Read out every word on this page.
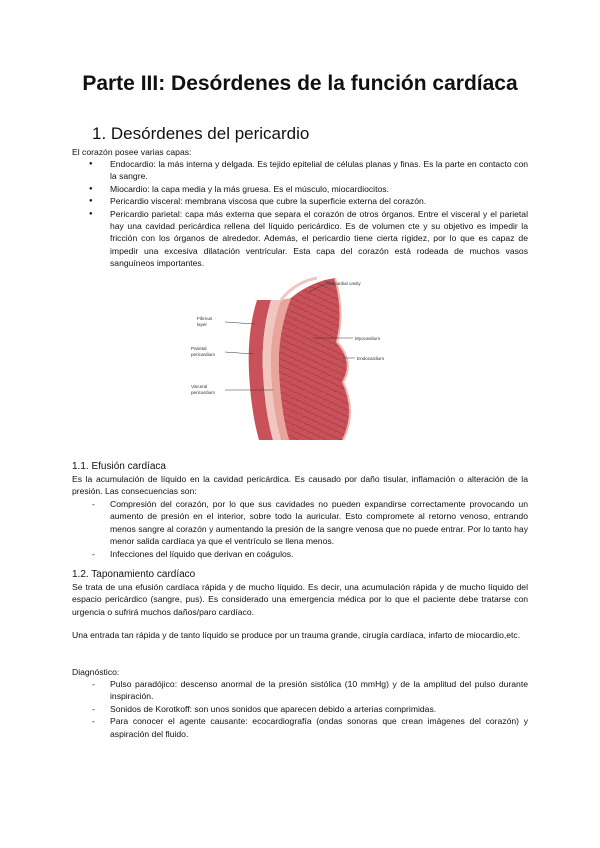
Parte III: Desórdenes de la función cardíaca
1. Desórdenes del pericardio

El corazón posee varias capas:

● Endocardio: la más interna y delgada. Es tejido epitelial de células planas y finas. Es la parte en contacto con la sangre.
● Miocardio: la capa media y la más gruesa. Es el músculo, miocardiocitos.
● Pericardio visceral: membrana viscosa que cubre la superficie externa del corazón.
● Pericardio parietal: capa más externa que separa el corazón de otros órganos. Entre el visceral y el parietal hay una cavidad pericárdica rellena del líquido pericárdico. Es de volumen cte y su objetivo es impedir la fricción con los órganos de alrededor. Además, el pericardio tiene cierta rigidez, por lo que es capaz de impedir una excesiva dilatación ventricular. Esta capa del corazón está rodeada de muchos vasos sanguíneos importantes.
Pericardial cavity
Fibrous
layer
Parietal
pericardium
Visceral
pericardium
Myocardium
Endocardium
1.1. Efusión cardíaca

Es la acumulación de líquido en la cavidad pericárdica. Es causado por daño tisular, inflamación o alteración de la presión. Las consecuencias son:

- Compresión del corazón, por lo que sus cavidades no pueden expandirse correctamente provocando un aumento de presión en el interior, sobre todo la auricular. Esto compromete al retorno venoso, entrando menos sangre al corazón y aumentando la presión de la sangre venosa que no puede entrar. Por lo tanto hay menor salida cardíaca ya que el ventrículo se llena menos.
- Infecciones del líquido que derivan en coágulos.
1.2. Taponamiento cardíaco

Se trata de una efusión cardíaca rápida y de mucho líquido. Es decir, una acumulación rápida y de mucho líquido del espacio pericárdico (sangre, pus). Es considerado una emergencia médica por lo que el paciente debe tratarse con urgencia o sufrirá muchos daños/paro cardíaco.

Una entrada tan rápida y de tanto líquido se produce por un trauma grande, cirugía cardíaca, infarto de miocardio,etc.

Diagnóstico:

- Pulso paradójico: descenso anormal de la presión sistólica (10 mmHg) y de la amplitud del pulso durante inspiración.
- Sonidos de Korotkoff: son unos sonidos que aparecen debido a arterias comprimidas.
- Para conocer el agente causante: ecocardiografía (ondas sonoras que crean imágenes del corazón) y aspiración del fluido.
